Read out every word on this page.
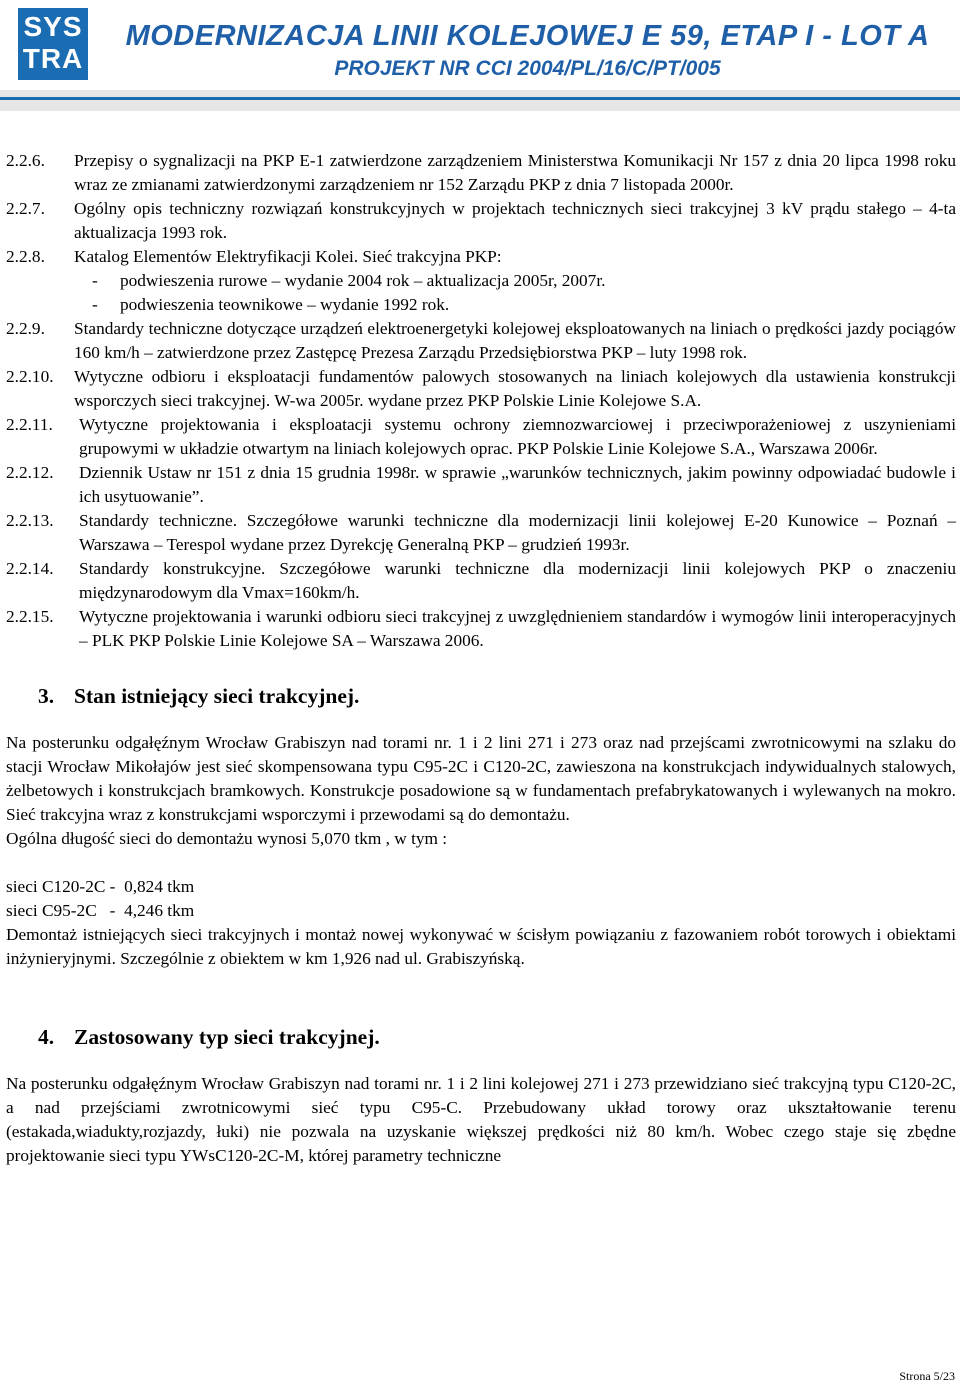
SYS
TRA
MODERNIZACJA LINII KOLEJOWEJ E 59, ETAP I - LOT A
PROJEKT NR CCI 2004/PL/16/C/PT/005
2.2.6.	Przepisy o sygnalizacji na PKP E-1 zatwierdzone zarządzeniem Ministerstwa Komunikacji Nr 157 z dnia 20 lipca 1998 roku wraz ze zmianami zatwierdzonymi zarządzeniem nr 152 Zarządu PKP z dnia 7 listopada 2000r.
2.2.7.	Ogólny opis techniczny rozwiązań konstrukcyjnych w projektach technicznych sieci trakcyjnej 3 kV prądu stałego – 4-ta aktualizacja 1993 rok.
2.2.8.	Katalog Elementów Elektryfikacji Kolei. Sieć trakcyjna PKP:
-	podwieszenia rurowe – wydanie 2004 rok – aktualizacja 2005r, 2007r.
-	podwieszenia teownikowe – wydanie 1992 rok.
2.2.9.	Standardy techniczne dotyczące urządzeń elektroenergetyki kolejowej eksploatowanych na liniach o prędkości jazdy pociągów 160 km/h – zatwierdzone przez Zastępcę Prezesa Zarządu Przedsiębiorstwa PKP – luty 1998 rok.
2.2.10.	Wytyczne odbioru i eksploatacji fundamentów palowych stosowanych na liniach kolejowych dla ustawienia konstrukcji wsporczych sieci trakcyjnej. W-wa 2005r. wydane przez PKP Polskie Linie Kolejowe S.A.
2.2.11.	Wytyczne projektowania i eksploatacji systemu ochrony ziemnozwarciowej i przeciwporażeniowej z uszynieniami grupowymi w układzie otwartym na liniach kolejowych oprac. PKP Polskie Linie Kolejowe S.A., Warszawa 2006r.
2.2.12.	Dziennik Ustaw nr 151 z dnia 15 grudnia 1998r. w sprawie „warunków technicznych, jakim powinny odpowiadać budowle i ich usytuowanie”.
2.2.13.	Standardy techniczne. Szczegółowe warunki techniczne dla modernizacji linii kolejowej E-20 Kunowice – Poznań – Warszawa – Terespol wydane przez Dyrekcję Generalną PKP – grudzień 1993r.
2.2.14.	Standardy konstrukcyjne. Szczegółowe warunki techniczne dla modernizacji linii kolejowych PKP o znaczeniu międzynarodowym dla Vmax=160km/h.
2.2.15.	Wytyczne projektowania i warunki odbioru sieci trakcyjnej z uwzględnieniem standardów i wymogów linii interoperacyjnych – PLK PKP Polskie Linie Kolejowe SA – Warszawa 2006.
3. Stan istniejący sieci trakcyjnej.

Na posterunku odgałęźnym Wrocław Grabiszyn nad torami nr. 1 i 2 lini 271 i 273 oraz nad przejścami zwrotnicowymi na szlaku do stacji Wrocław Mikołajów jest sieć skompensowana typu C95-2C i C120-2C, zawieszona na konstrukcjach indywidualnych stalowych, żelbetowych i konstrukcjach bramkowych. Konstrukcje posadowione są w fundamentach prefabrykatowanych i wylewanych na mokro. Sieć trakcyjna wraz z konstrukcjami wsporczymi i przewodami są do demontażu.

Ogólna długość sieci do demontażu wynosi 5,070 tkm , w tym :

sieci C120-2C -  0,824 tkm

sieci C95-2C   -  4,246 tkm

Demontaż istniejących sieci trakcyjnych i montaż nowej wykonywać w ścisłym powiązaniu z fazowaniem robót torowych i obiektami inżynieryjnymi. Szczególnie z obiektem w km 1,926 nad ul. Grabiszyńską.

4. Zastosowany typ sieci trakcyjnej.

Na posterunku odgałęźnym Wrocław Grabiszyn nad torami nr. 1 i 2 lini kolejowej 271 i 273 przewidziano sieć trakcyjną typu C120-2C, a nad przejściami zwrotnicowymi sieć typu C95-C. Przebudowany układ torowy oraz ukształtowanie terenu (estakada,wiadukty,rozjazdy, łuki) nie pozwala na uzyskanie większej prędkości niż 80 km/h. Wobec czego staje się zbędne projektowanie sieci typu YWsC120-2C-M, której parametry techniczne

Strona 5/23
